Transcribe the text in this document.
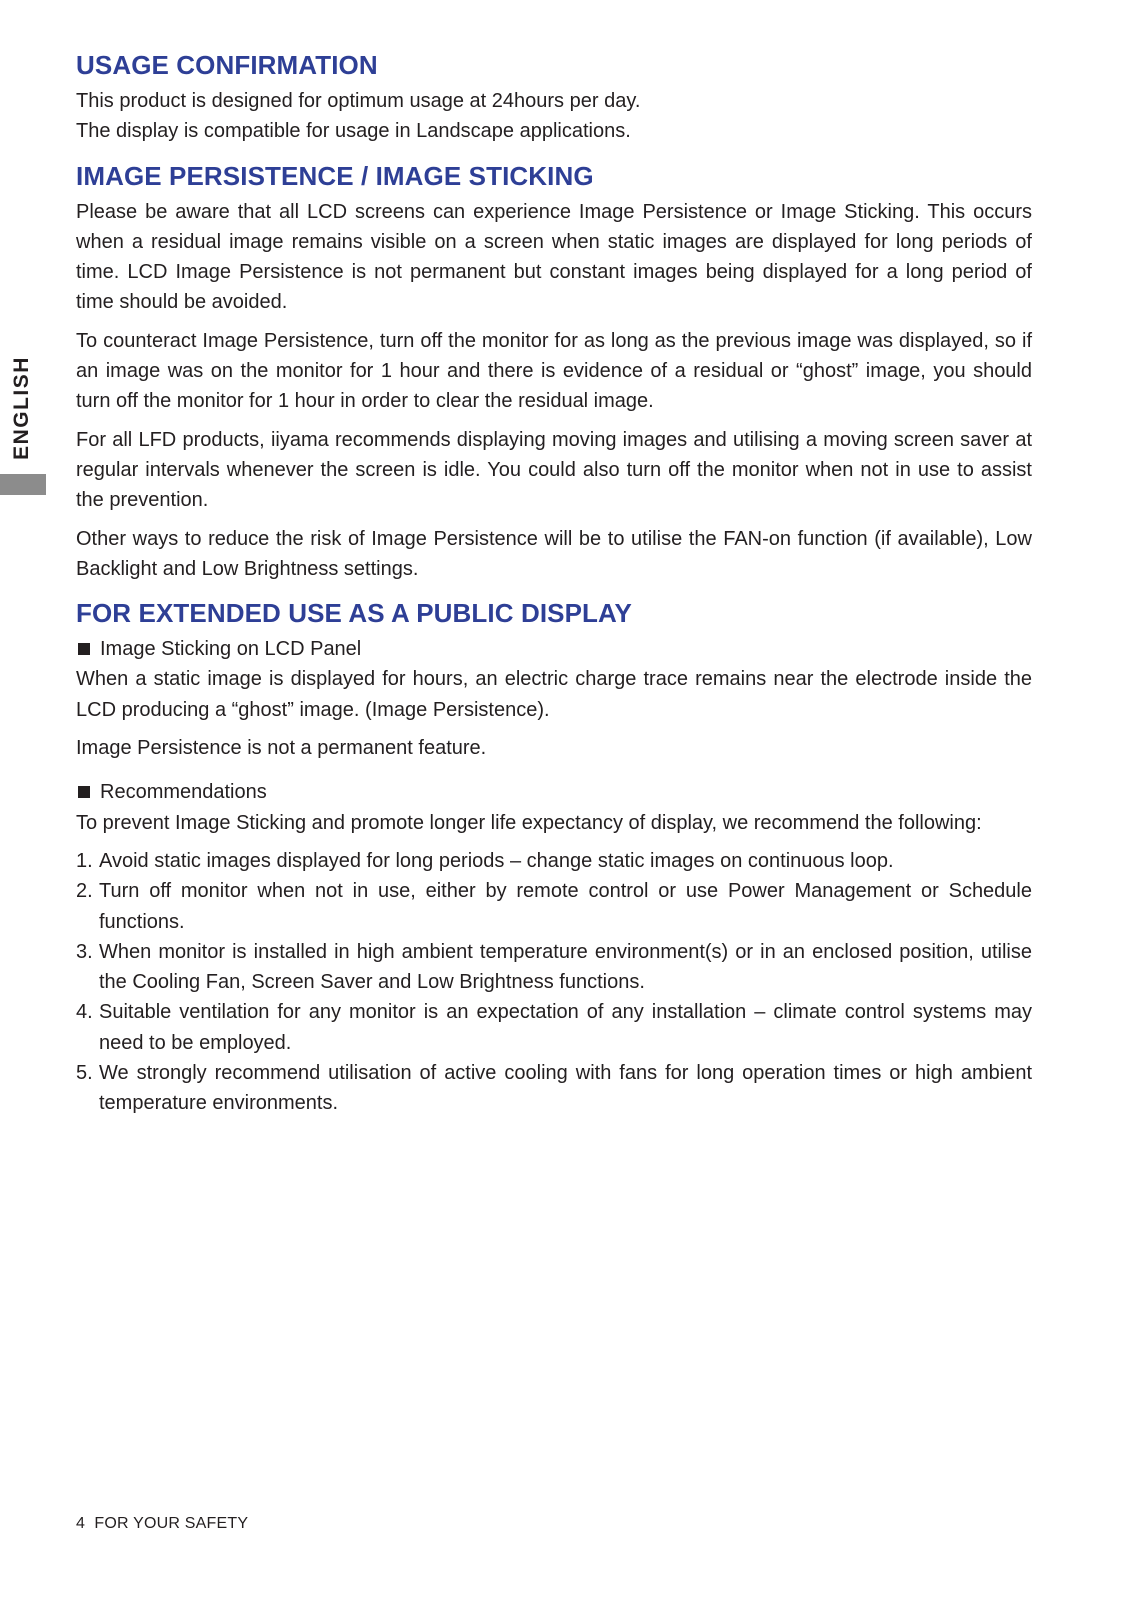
ENGLISH
USAGE CONFIRMATION

This product is designed for optimum usage at 24hours per day.

The display is compatible for usage in Landscape applications.

IMAGE PERSISTENCE / IMAGE STICKING

Please be aware that all LCD screens can experience Image Persistence or Image Sticking. This occurs when a residual image remains visible on a screen when static images are displayed for long periods of time. LCD Image Persistence is not permanent but constant images being displayed for a long period of time should be avoided.

To counteract Image Persistence, turn off the monitor for as long as the previous image was displayed, so if an image was on the monitor for 1 hour and there is evidence of a residual or “ghost” image, you should turn off the monitor for 1 hour in order to clear the residual image.

For all LFD products, iiyama recommends displaying moving images and utilising a moving screen saver at regular intervals whenever the screen is idle. You could also turn off the monitor when not in use to assist the prevention.

Other ways to reduce the risk of Image Persistence will be to utilise the FAN-on function (if available), Low Backlight and Low Brightness settings.

FOR EXTENDED USE AS A PUBLIC DISPLAY
Image Sticking on LCD Panel

When a static image is displayed for hours, an electric charge trace remains near the electrode inside the LCD producing a “ghost” image. (Image Persistence).

Image Persistence is not a permanent feature.

Recommendations

To prevent Image Sticking and promote longer life expectancy of display, we recommend the following:

1. Avoid static images displayed for long periods – change static images on continuous loop.
2. Turn off monitor when not in use, either by remote control or use Power Management or Schedule functions.
3. When monitor is installed in high ambient temperature environment(s) or in an enclosed position, utilise the Cooling Fan, Screen Saver and Low Brightness functions.
4. Suitable ventilation for any monitor is an expectation of any installation – climate control systems may need to be employed.
5. We strongly recommend utilisation of active cooling with fans for long operation times or high ambient temperature environments.
4 FOR YOUR SAFETY
